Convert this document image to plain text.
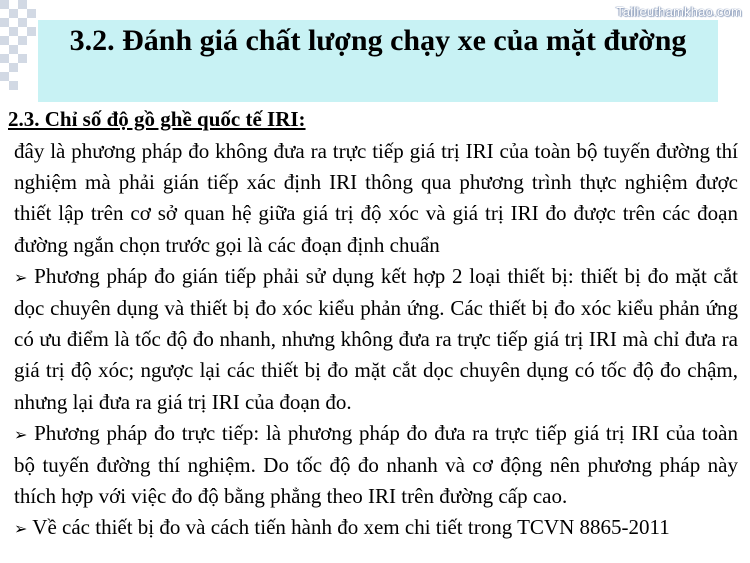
Tailieuthamkhao.com
3.2. Đánh giá chất lượng chạy xe của mặt đường
2.3. Chỉ số độ gồ ghề quốc tế IRI:

đây là phương pháp đo không đưa ra trực tiếp giá trị IRI của toàn bộ tuyến đường thí nghiệm mà phải gián tiếp xác định IRI thông qua phương trình thực nghiệm được thiết lập trên cơ sở quan hệ giữa giá trị độ xóc và giá trị IRI đo được trên các đoạn đường ngắn chọn trước gọi là các đoạn định chuẩn

➢ Phương pháp đo gián tiếp phải sử dụng kết hợp 2 loại thiết bị: thiết bị đo mặt cắt dọc chuyên dụng và thiết bị đo xóc kiểu phản ứng. Các thiết bị đo xóc kiểu phản ứng có ưu điểm là tốc độ đo nhanh, nhưng không đưa ra trực tiếp giá trị IRI mà chỉ đưa ra giá trị độ xóc; ngược lại các thiết bị đo mặt cắt dọc chuyên dụng có tốc độ đo chậm, nhưng lại đưa ra giá trị IRI của đoạn đo.

➢ Phương pháp đo trực tiếp: là phương pháp đo đưa ra trực tiếp giá trị IRI của toàn bộ tuyến đường thí nghiệm. Do tốc độ đo nhanh và cơ động nên phương pháp này thích hợp với việc đo độ bằng phẳng theo IRI trên đường cấp cao.

➢ Về các thiết bị đo và cách tiến hành đo xem chi tiết trong TCVN 8865-2011
